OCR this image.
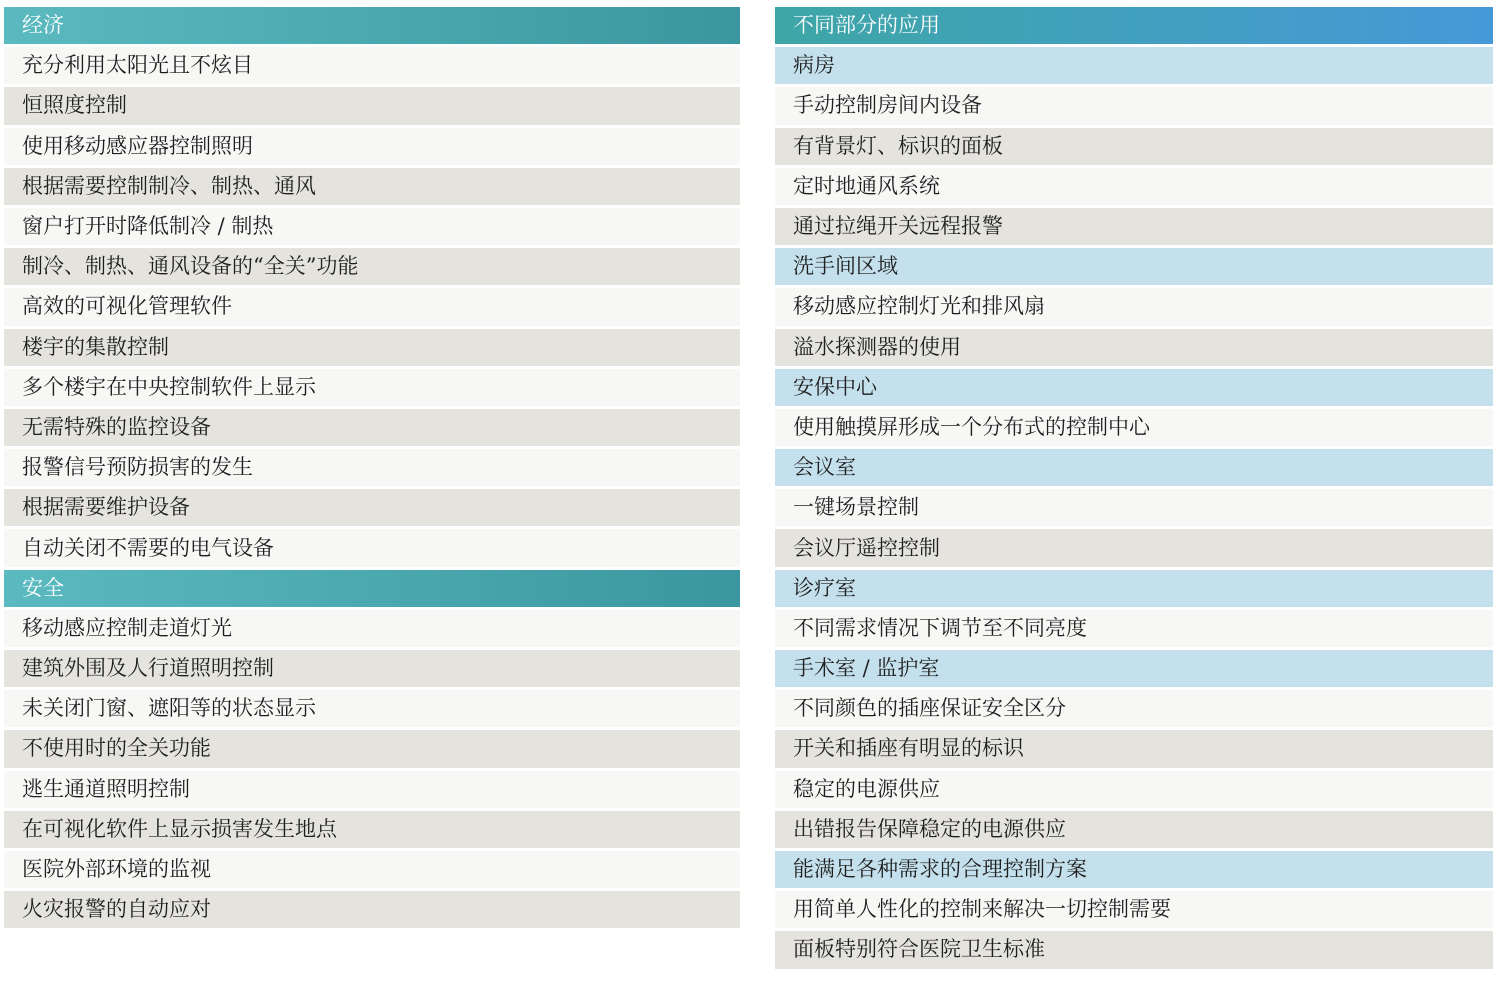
经济
充分利用太阳光且不炫目
恒照度控制
使用移动感应器控制照明
根据需要控制制冷、制热、通风
窗户打开时降低制冷 / 制热
制冷、制热、通风设备的“全关”功能
高效的可视化管理软件
楼宇的集散控制
多个楼宇在中央控制软件上显示
无需特殊的监控设备
报警信号预防损害的发生
根据需要维护设备
自动关闭不需要的电气设备
安全
移动感应控制走道灯光
建筑外围及人行道照明控制
未关闭门窗、遮阳等的状态显示
不使用时的全关功能
逃生通道照明控制
在可视化软件上显示损害发生地点
医院外部环境的监视
火灾报警的自动应对
不同部分的应用
病房
手动控制房间内设备
有背景灯、标识的面板
定时地通风系统
通过拉绳开关远程报警
洗手间区域
移动感应控制灯光和排风扇
溢水探测器的使用
安保中心
使用触摸屏形成一个分布式的控制中心
会议室
一键场景控制
会议厅遥控控制
诊疗室
不同需求情况下调节至不同亮度
手术室 / 监护室
不同颜色的插座保证安全区分
开关和插座有明显的标识
稳定的电源供应
出错报告保障稳定的电源供应
能满足各种需求的合理控制方案
用简单人性化的控制来解决一切控制需要
面板特别符合医院卫生标准
